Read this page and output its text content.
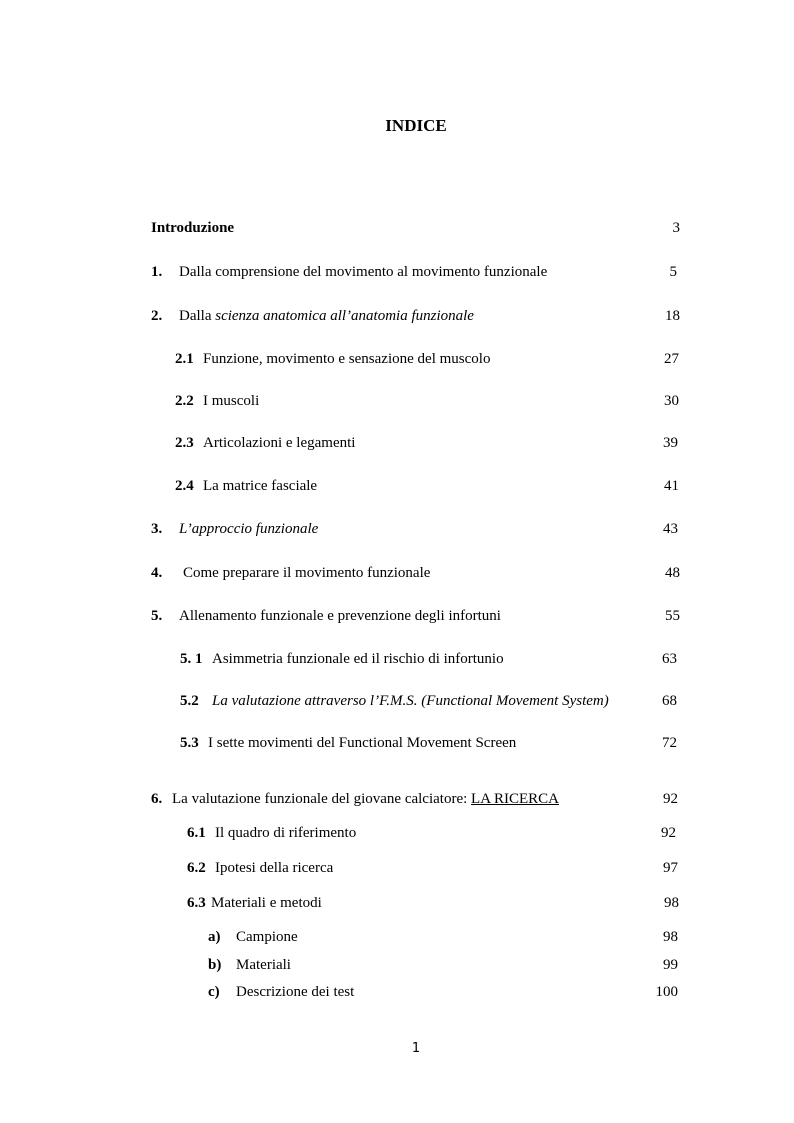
INDICE
Introduzione	3
1. Dalla comprensione del movimento al movimento funzionale	5
2. Dalla scienza anatomica all’anatomia funzionale	18
2.1 Funzione, movimento e sensazione del muscolo	27
2.2 I muscoli	30
2.3 Articolazioni e legamenti	39
2.4 La matrice fasciale	41
3. L’approccio funzionale	43
4. Come preparare il movimento funzionale	48
5. Allenamento funzionale e prevenzione degli infortuni	55
5. 1 Asimmetria funzionale ed il rischio di infortunio	63
5.2 La valutazione attraverso l’F.M.S. (Functional Movement System)	68
5.3 I sette movimenti del Functional Movement Screen	72
6. La valutazione funzionale del giovane calciatore: LA RICERCA	92
6.1 Il quadro di riferimento	92
6.2 Ipotesi della ricerca	97
6.3 Materiali e metodi	98
a) Campione	98
b) Materiali	99
c) Descrizione dei test	100
1
